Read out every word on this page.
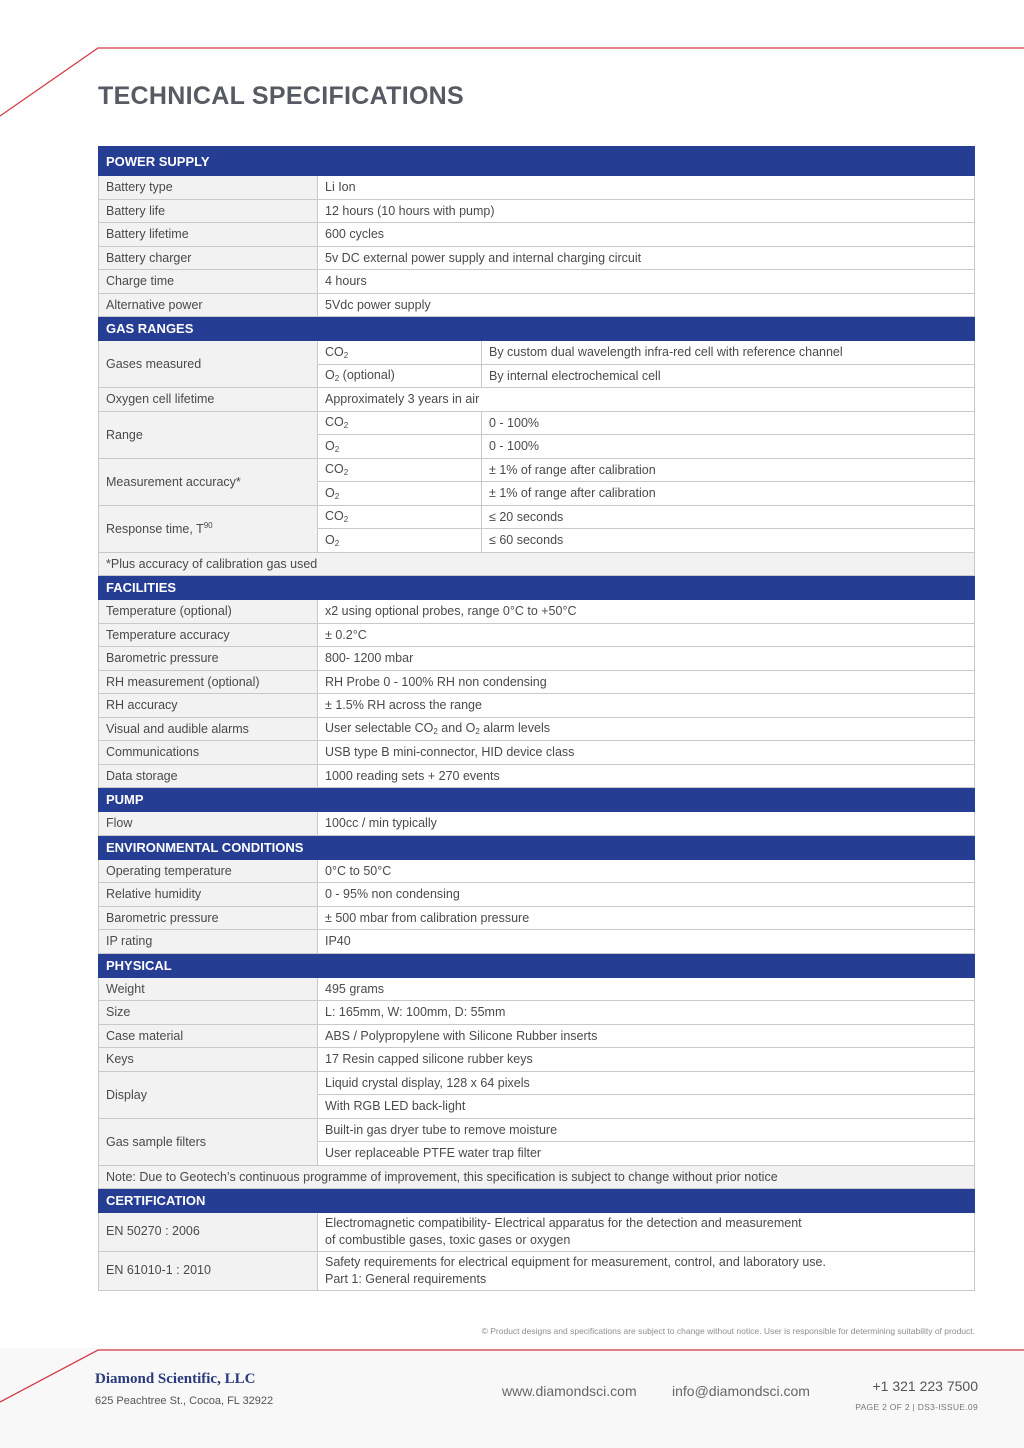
TECHNICAL SPECIFICATIONS
POWER SUPPLY		
Battery type	Li Ion	
Battery life	12 hours (10 hours with pump)	
Battery lifetime	600 cycles	
Battery charger	5v DC external power supply and internal charging circuit	
Charge time	4 hours	
Alternative power	5Vdc power supply	
GAS RANGES		
Gases measured	$CO_2$	By custom dual wavelength infra-red cell with reference channel
	$O_2$ (optional)	By internal electrochemical cell
Oxygen cell lifetime	Approximately 3 years in air	
Range	$CO_2$	0 - 100%
	$O_2$	0 - 100%
Measurement accuracy*	$CO_2$	± 1% of range after calibration
	$O_2$	± 1% of range after calibration
Response time, $T^{90}$	$CO_2$	≤ 20 seconds
	$O_2$	≤ 60 seconds
*Plus accuracy of calibration gas used		
FACILITIES		
Temperature (optional)	x2 using optional probes, range 0°C to +50°C	
Temperature accuracy	± 0.2°C	
Barometric pressure	800- 1200 mbar	
RH measurement (optional)	RH Probe 0 - 100% RH non condensing	
RH accuracy	± 1.5% RH across the range	
Visual and audible alarms	User selectable $CO_2$ and $O_2$ alarm levels	
Communications	USB type B mini-connector, HID device class	
Data storage	1000 reading sets + 270 events	
PUMP		
Flow	100cc / min typically	
ENVIRONMENTAL CONDITIONS		
Operating temperature	0°C to 50°C	
Relative humidity	0 - 95% non condensing	
Barometric pressure	± 500 mbar from calibration pressure	
IP rating	IP40	
PHYSICAL		
Weight	495 grams	
Size	L: 165mm, W: 100mm, D: 55mm	
Case material	ABS / Polypropylene with Silicone Rubber inserts	
Keys	17 Resin capped silicone rubber keys	
Display	Liquid crystal display, 128 x 64 pixels	
	With RGB LED back-light	
Gas sample filters	Built-in gas dryer tube to remove moisture	
	User replaceable PTFE water trap filter	
Note: Due to Geotech’s continuous programme of improvement, this specification is subject to change without prior notice		
CERTIFICATION		
EN 50270 : 2006	Electromagnetic compatibility- Electrical apparatus for the detection and measurement
of combustible gases, toxic gases or oxygen	
EN 61010-1 : 2010	Safety requirements for electrical equipment for measurement, control, and laboratory use.
Part 1: General requirements	
© Product designs and specifications are subject to change without notice. User is responsible for determining suitability of product.
Diamond Scientific, LLC
625 Peachtree St., Cocoa, FL 32922
www.diamondsci.com	info@diamondsci.com	+1 321 223 7500
PAGE 2 OF 2 | DS3-ISSUE.09
